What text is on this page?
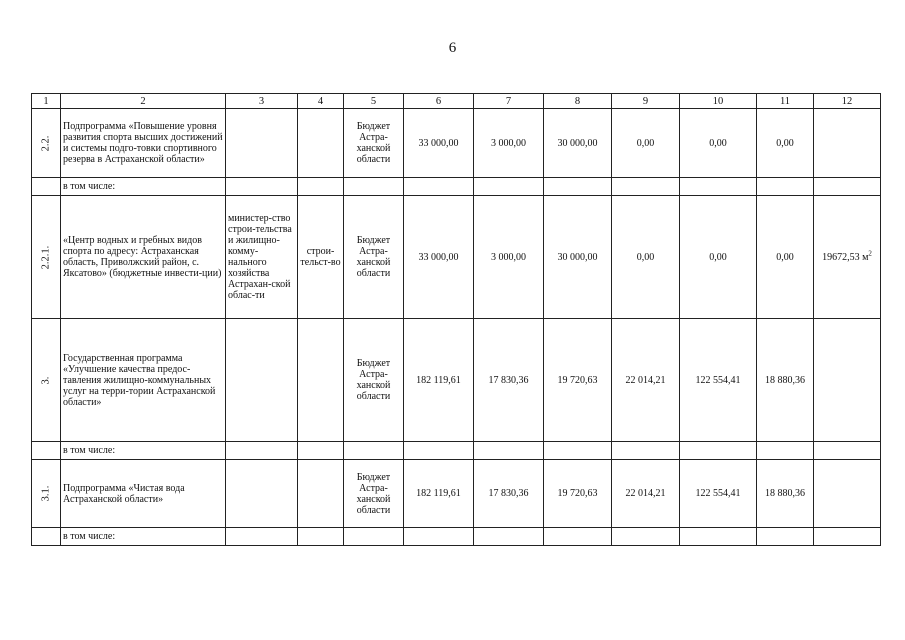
6
1	2	3	4	5	6	7	8	9	10	11	12
2.2.	Подпрограмма «Повышение уровня развития спорта высших достижений и системы подго-товки спортивного резерва в Астраханской области»			Бюджет Астра-ханской области	33 000,00	3 000,00	30 000,00	0,00	0,00	0,00	
	в том числе:										
2.2.1.	«Центр водных и гребных видов спорта по адресу: Астраханская область, Приволжский район, с. Яксатово» (бюджетные инвести-ции)	министер-ство строи-тельства и жилищно-комму-нального хозяйства Астрахан-ской облас-ти	строи-тельст-во	Бюджет Астра-ханской области	33 000,00	3 000,00	30 000,00	0,00	0,00	0,00	19672,53 $м^2$
3.	Государственная программа «Улучшение качества предос-тавления жилищно-коммунальных услуг на терри-тории Астраханской области»			Бюджет Астра-ханской области	182 119,61	17 830,36	19 720,63	22 014,21	122 554,41	18 880,36	
	в том числе:										
3.1.	Подпрограмма «Чистая вода Астраханской области»			Бюджет Астра-ханской области	182 119,61	17 830,36	19 720,63	22 014,21	122 554,41	18 880,36	
	в том числе:										
